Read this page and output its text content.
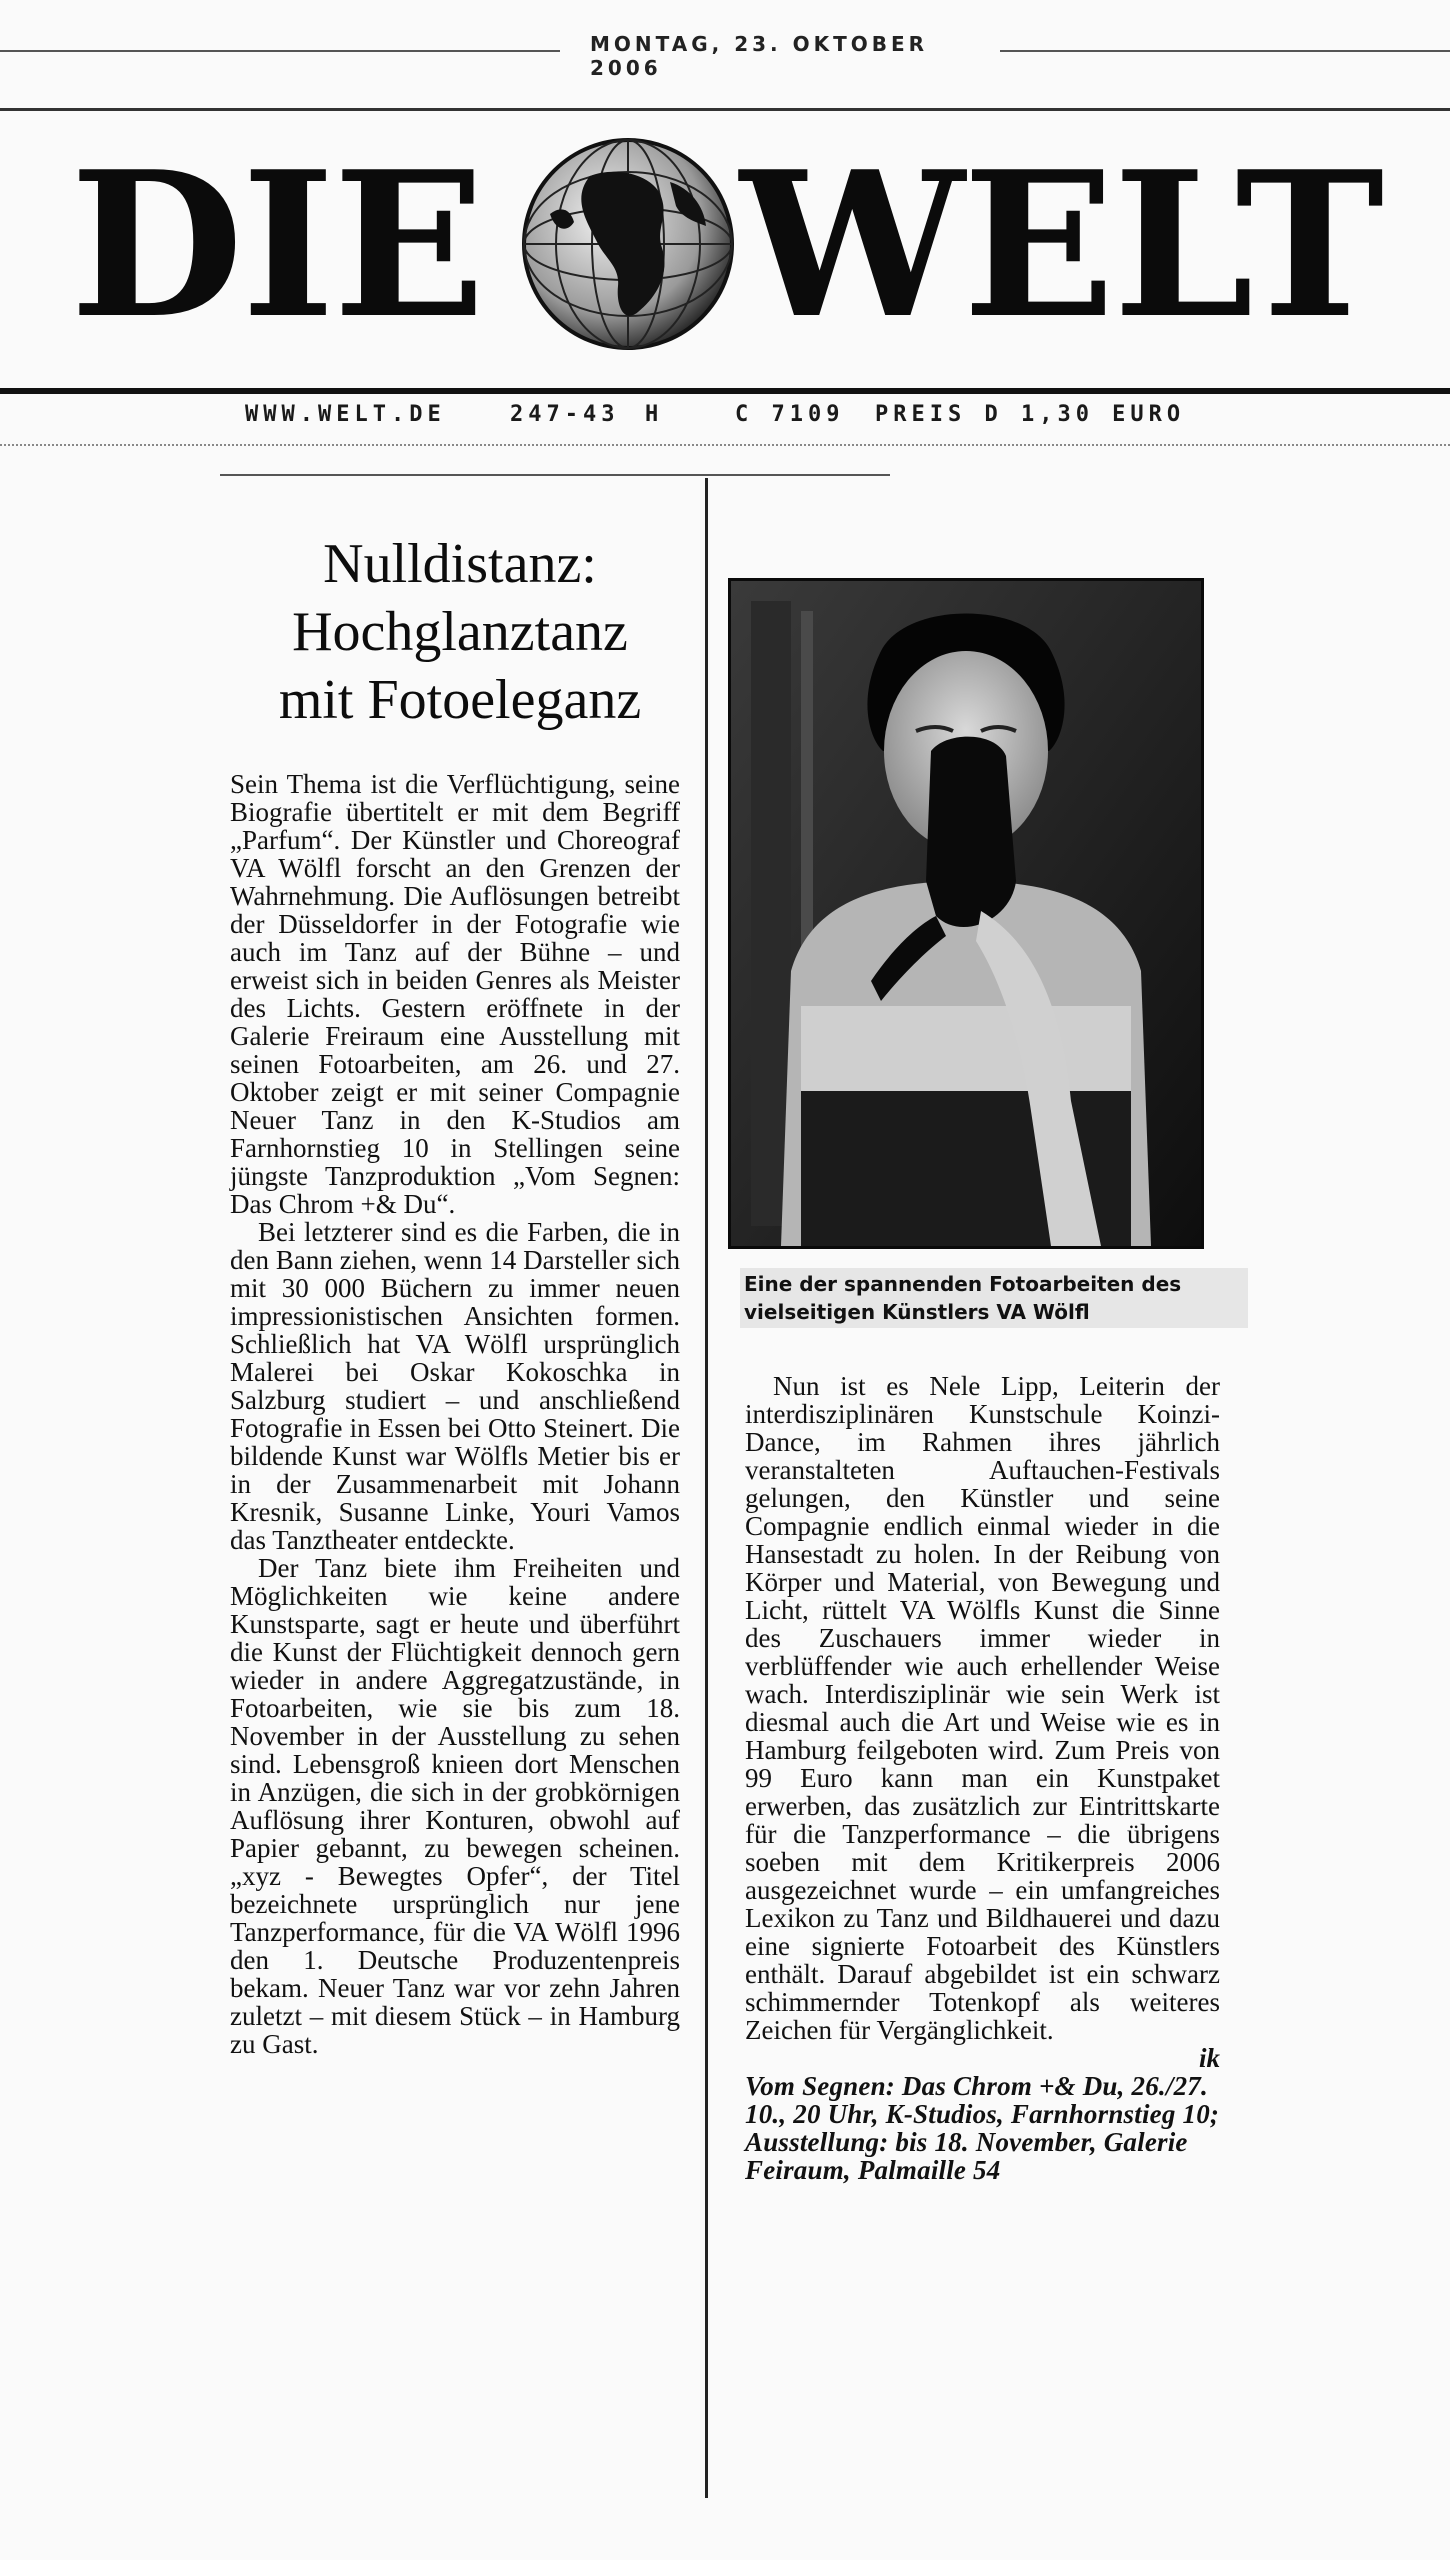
MONTAG, 23. OKTOBER 2006
DIE WELT
WWW.WELT.DE	247-43 H	C 7109 PREIS D 1,30 EURO
Nulldistanz:
Hochglanztanz
mit Fotoeleganz

Sein Thema ist die Verflüchtigung, seine Biografie übertitelt er mit dem Begriff „Parfum“. Der Künstler und Choreograf VA Wölfl forscht an den Grenzen der Wahrnehmung. Die Auflösungen betreibt der Düsseldorfer in der Fotografie wie auch im Tanz auf der Bühne – und erweist sich in beiden Genres als Meister des Lichts. Gestern eröffnete in der Galerie Freiraum eine Ausstellung mit seinen Fotoarbeiten, am 26. und 27. Oktober zeigt er mit seiner Compagnie Neuer Tanz in den K-Studios am Farnhornstieg 10 in Stellingen seine jüngste Tanzproduktion „Vom Segnen: Das Chrom +& Du“.

Bei letzterer sind es die Farben, die in den Bann ziehen, wenn 14 Darsteller sich mit 30 000 Büchern zu immer neuen impressionistischen Ansichten formen. Schließlich hat VA Wölfl ursprünglich Malerei bei Oskar Kokoschka in Salzburg studiert – und anschließend Fotografie in Essen bei Otto Steinert. Die bildende Kunst war Wölfls Metier bis er in der Zusammenarbeit mit Johann Kresnik, Susanne Linke, Youri Vamos das Tanztheater entdeckte.

Der Tanz biete ihm Freiheiten und Möglichkeiten wie keine andere Kunstsparte, sagt er heute und überführt die Kunst der Flüchtigkeit dennoch gern wieder in andere Aggregatzustände, in Fotoarbeiten, wie sie bis zum 18. November in der Ausstellung zu sehen sind. Lebensgroß knieen dort Menschen in Anzügen, die sich in der grobkörnigen Auflösung ihrer Konturen, obwohl auf Papier gebannt, zu bewegen scheinen. „xyz - Bewegtes Opfer“, der Titel bezeichnete ursprünglich nur jene Tanzperformance, für die VA Wölfl 1996 den 1. Deutsche Produzentenpreis bekam. Neuer Tanz war vor zehn Jahren zuletzt – mit diesem Stück – in Hamburg zu Gast.

Eine der spannenden Fotoarbeiten des vielseitigen Künstlers VA Wölfl

Nun ist es Nele Lipp, Leiterin der interdisziplinären Kunstschule Koinzi-Dance, im Rahmen ihres jährlich veranstalteten Auftauchen-Festivals gelungen, den Künstler und seine Compagnie endlich einmal wieder in die Hansestadt zu holen. In der Reibung von Körper und Material, von Bewegung und Licht, rüttelt VA Wölfls Kunst die Sinne des Zuschauers immer wieder in verblüffender wie auch erhellender Weise wach. Interdisziplinär wie sein Werk ist diesmal auch die Art und Weise wie es in Hamburg feilgeboten wird. Zum Preis von 99 Euro kann man ein Kunstpaket erwerben, das zusätzlich zur Eintrittskarte für die Tanzperformance – die übrigens soeben mit dem Kritikerpreis 2006 ausgezeichnet wurde – ein umfangreiches Lexikon zu Tanz und Bildhauerei und dazu eine signierte Fotoarbeit des Künstlers enthält. Darauf abgebildet ist ein schwarz schimmernder Totenkopf als weiteres Zeichen für Vergänglichkeit.

ik

Vom Segnen: Das Chrom +& Du, 26./27. 10., 20 Uhr, K-Studios, Farnhornstieg 10; Ausstellung: bis 18. November, Galerie Feiraum, Palmaille 54
